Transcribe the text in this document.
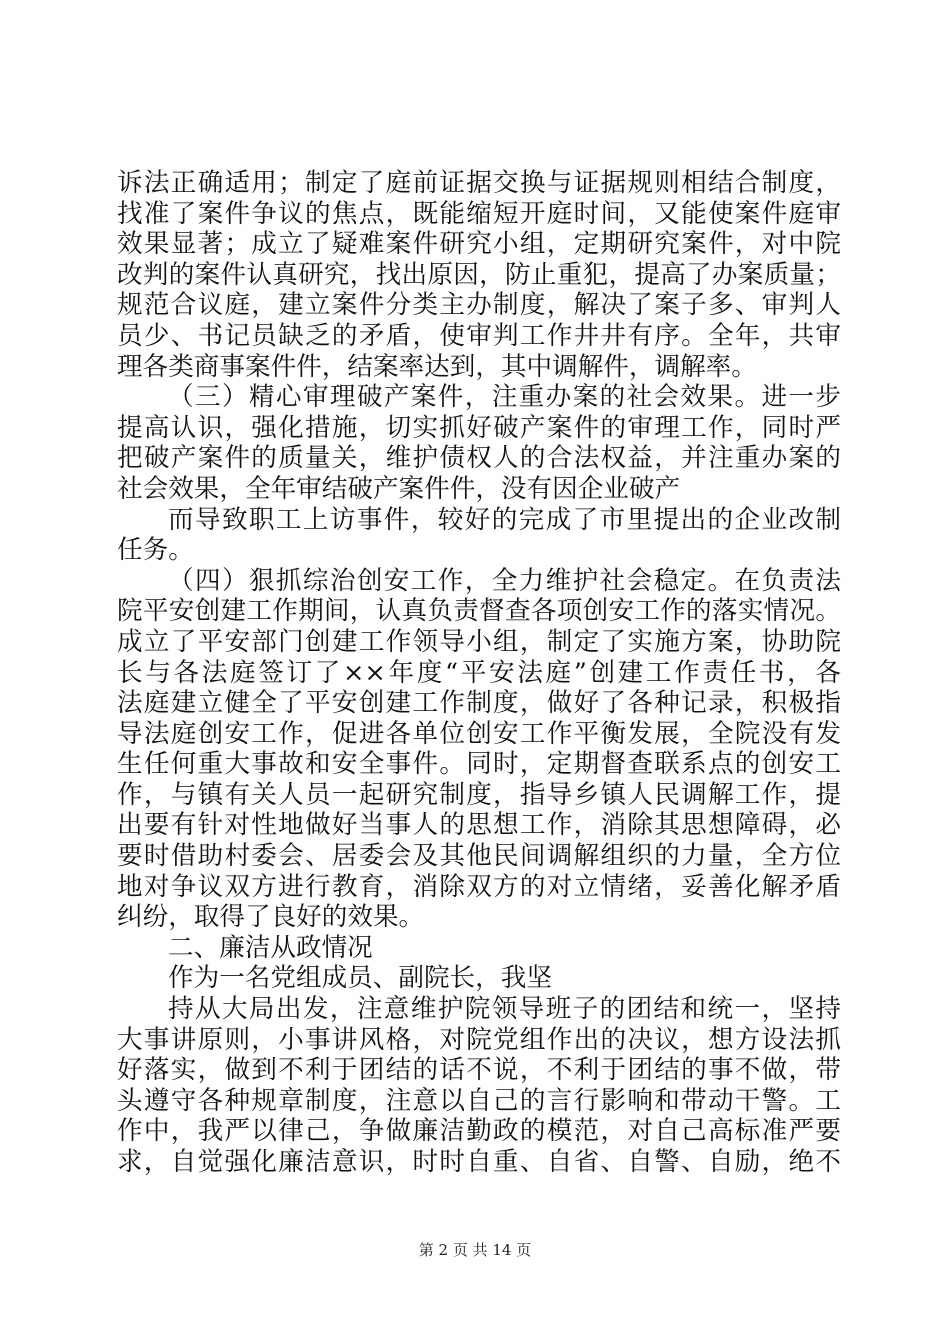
诉法正确适用；制定了庭前证据交换与证据规则相结合制度，
找准了案件争议的焦点，既能缩短开庭时间，又能使案件庭审
效果显著；成立了疑难案件研究小组，定期研究案件，对中院
改判的案件认真研究，找出原因，防止重犯，提高了办案质量；
规范合议庭，建立案件分类主办制度，解决了案子多、审判人
员少、书记员缺乏的矛盾，使审判工作井井有序。全年，共审
理各类商事案件件，结案率达到，其中调解件，调解率。
（三）精心审理破产案件，注重办案的社会效果。进一步
提高认识，强化措施，切实抓好破产案件的审理工作，同时严
把破产案件的质量关，维护债权人的合法权益，并注重办案的
社会效果，全年审结破产案件件，没有因企业破产
而导致职工上访事件，较好的完成了市里提出的企业改制
任务。
（四）狠抓综治创安工作，全力维护社会稳定。在负责法
院平安创建工作期间，认真负责督查各项创安工作的落实情况。
成立了平安部门创建工作领导小组，制定了实施方案，协助院
长与各法庭签订了××年度“平安法庭”创建工作责任书，各
法庭建立健全了平安创建工作制度，做好了各种记录，积极指
导法庭创安工作，促进各单位创安工作平衡发展，全院没有发
生任何重大事故和安全事件。同时，定期督查联系点的创安工
作，与镇有关人员一起研究制度，指导乡镇人民调解工作，提
出要有针对性地做好当事人的思想工作，消除其思想障碍，必
要时借助村委会、居委会及其他民间调解组织的力量，全方位
地对争议双方进行教育，消除双方的对立情绪，妥善化解矛盾
纠纷，取得了良好的效果。
二、廉洁从政情况
作为一名党组成员、副院长，我坚
持从大局出发，注意维护院领导班子的团结和统一，坚持
大事讲原则，小事讲风格，对院党组作出的决议，想方设法抓
好落实，做到不利于团结的话不说，不利于团结的事不做，带
头遵守各种规章制度，注意以自己的言行影响和带动干警。工
作中，我严以律己，争做廉洁勤政的模范，对自己高标准严要
求，自觉强化廉洁意识，时时自重、自省、自警、自励，绝不
第 2 页 共 14 页
